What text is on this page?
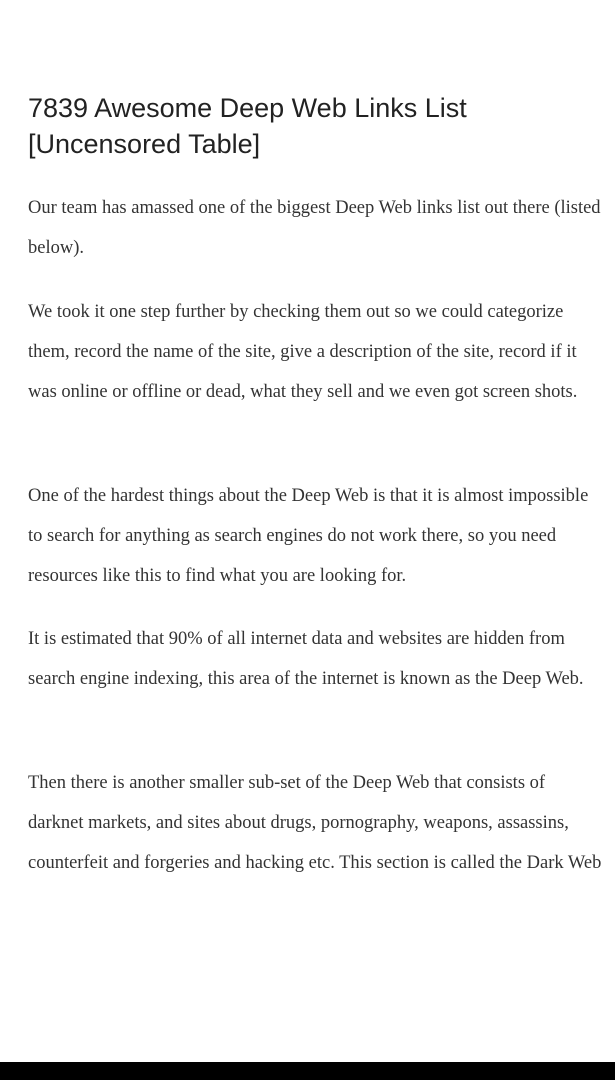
7839 Awesome Deep Web Links List [Uncensored Table]

Our team has amassed one of the biggest Deep Web links list out there (listed below).

We took it one step further by checking them out so we could categorize them, record the name of the site, give a description of the site, record if it was online or offline or dead, what they sell and we even got screen shots.

One of the hardest things about the Deep Web is that it is almost impossible to search for anything as search engines do not work there, so you need resources like this to find what you are looking for.

It is estimated that 90% of all internet data and websites are hidden from search engine indexing, this area of the internet is known as the Deep Web.

Then there is another smaller sub-set of the Deep Web that consists of darknet markets, and sites about drugs, pornography, weapons, assassins, counterfeit and forgeries and hacking etc. This section is called the Dark Web
